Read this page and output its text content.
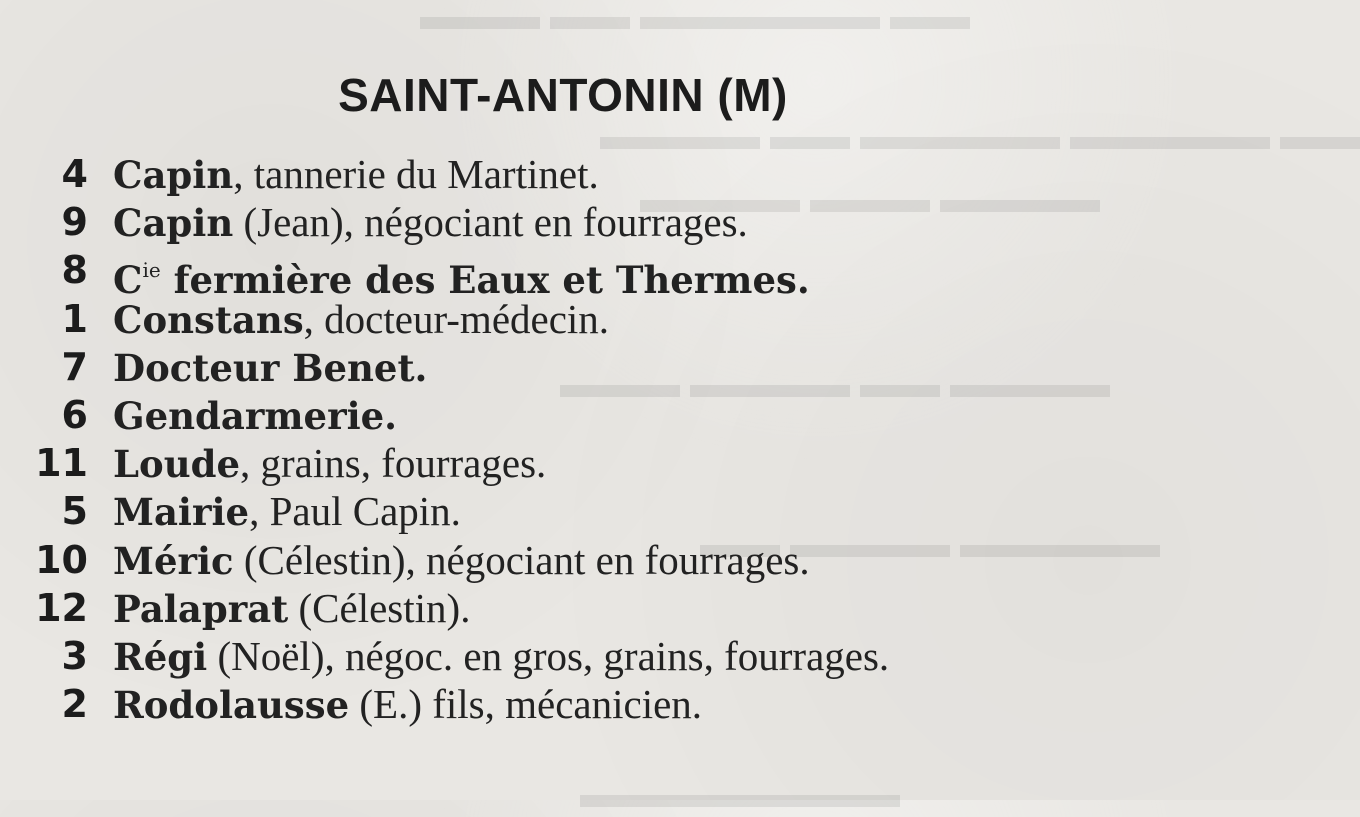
​▬▬ ▬▬▬▬▬▬ ▬▬ ▬▬▬
▬▬ ▬▬▬▬▬ ▬▬▬▬▬ ▬▬ ▬▬▬▬
▬▬▬▬ ▬▬▬ ▬▬▬▬
▬▬▬▬ ▬▬ ▬▬▬▬ ▬▬▬
▬▬▬▬▬ ▬▬▬▬ ▬▬
▬▬▬▬▬▬▬▬
SAINT-ANTONIN (M)
4 Capin, tannerie du Martinet.
9 Capin (Jean), négociant en fourrages.
8 $C^{ie}$ fermière des Eaux et Thermes.
1 Constans, docteur-médecin.
7 Docteur Benet.
6 Gendarmerie.
11 Loude, grains, fourrages.
5 Mairie, Paul Capin.
10 Méric (Célestin), négociant en fourrages.
12 Palaprat (Célestin).
3 Régi (Noël), négoc. en gros, grains, fourrages.
2 Rodolausse (E.) fils, mécanicien.
